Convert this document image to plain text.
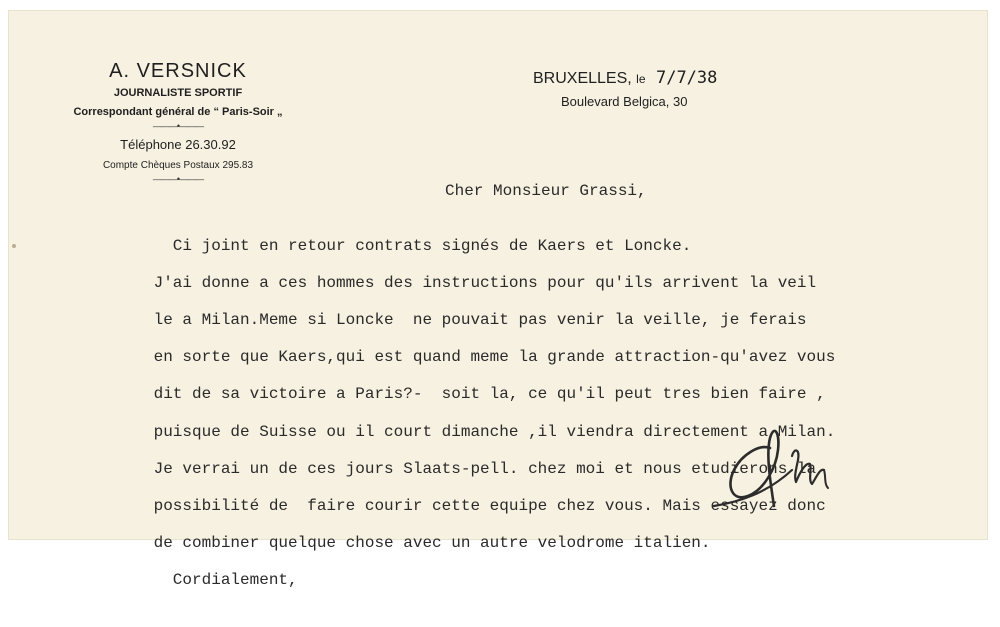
A. VERSNICK
JOURNALISTE SPORTIF
Correspondant général de “ Paris-Soir „
———•———
Téléphone 26.30.92
Compte Chèques Postaux 295.83
———•———
BRUXELLES, le 7/7/38
Boulevard Belgica, 30
Cher Monsieur Grassi,

Ci joint en retour contrats signés de Kaers et Loncke.

J'ai donne a ces hommes des instructions pour qu'ils arrivent la veil

le a Milan.Meme si Loncke  ne pouvait pas venir la veille, je ferais

en sorte que Kaers,qui est quand meme la grande attraction-qu'avez vous

dit de sa victoire a Paris?-  soit la, ce qu'il peut tres bien faire ,

puisque de Suisse ou il court dimanche ,il viendra directement a Milan.

Je verrai un de ces jours Slaats-pell. chez moi et nous etudierons la

possibilité de  faire courir cette equipe chez vous. Mais essayez donc

de combiner quelque chose avec un autre velodrome italien.

Cordialement,
